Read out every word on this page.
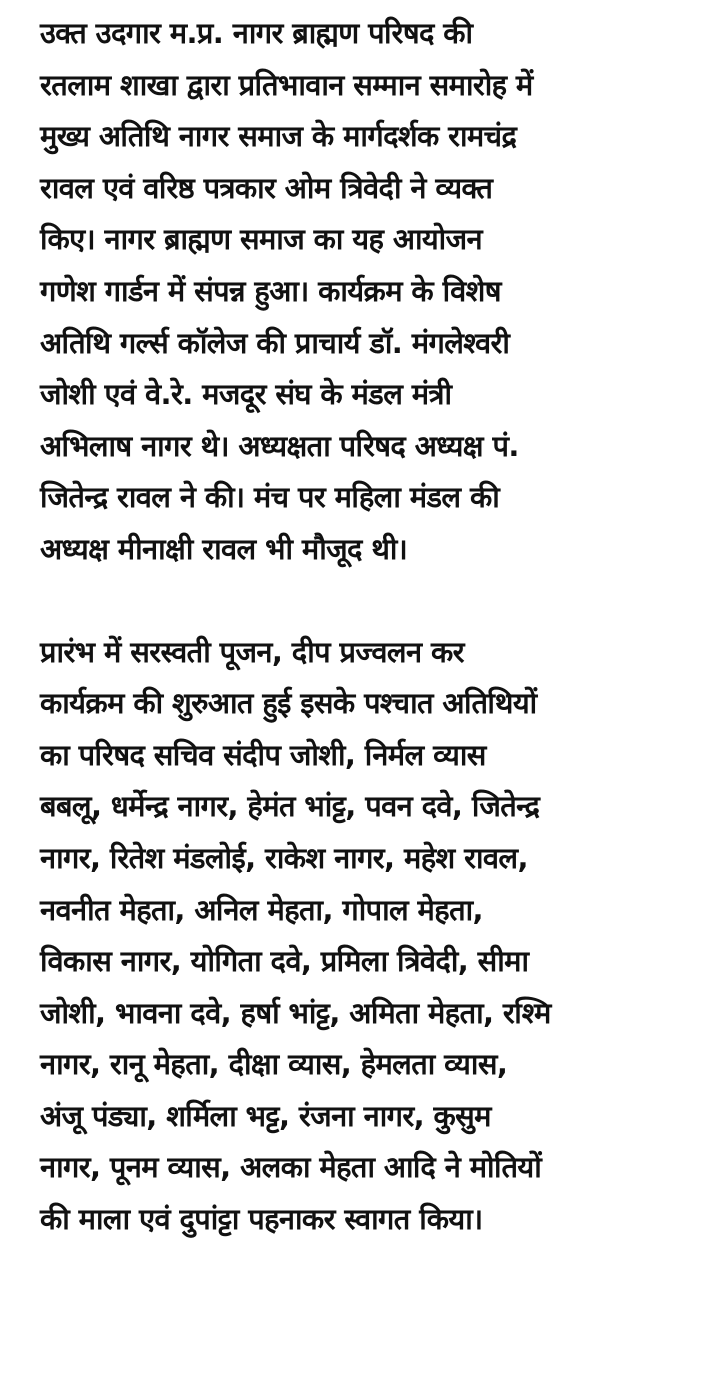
उक्त उदगार म.प्र. नागर ब्राह्मण परिषद की
रतलाम शाखा द्वारा प्रतिभावान सम्मान समारोह में
मुख्य अतिथि नागर समाज के मार्गदर्शक रामचंद्र
रावल एवं वरिष्ठ पत्रकार ओम त्रिवेदी ने व्यक्त
किए। नागर ब्राह्मण समाज का यह आयोजन
गणेश गार्डन में संपन्न हुआ। कार्यक्रम के विशेष
अतिथि गर्ल्स कॉलेज की प्राचार्य डॉ. मंगलेश्वरी
जोशी एवं वे.रे. मजदूर संघ के मंडल मंत्री
अभिलाष नागर थे। अध्यक्षता परिषद अध्यक्ष पं.
जितेन्द्र रावल ने की। मंच पर महिला मंडल की
अध्यक्ष मीनाक्षी रावल भी मौजूद थी।
प्रारंभ में सरस्वती पूजन, दीप प्रज्वलन कर
कार्यक्रम की शुरुआत हुई इसके पश्चात अतिथियों
का परिषद सचिव संदीप जोशी, निर्मल व्यास
बबलू, धर्मेन्द्र नागर, हेमंत भांट्ट, पवन दवे, जितेन्द्र
नागर, रितेश मंडलोई, राकेश नागर, महेश रावल,
नवनीत मेहता, अनिल मेहता, गोपाल मेहता,
विकास नागर, योगिता दवे, प्रमिला त्रिवेदी, सीमा
जोशी, भावना दवे, हर्षा भांट्ट, अमिता मेहता, रश्मि
नागर, रानू मेहता, दीक्षा व्यास, हेमलता व्यास,
अंजू पंड्या, शर्मिला भट्ट, रंजना नागर, कुसुम
नागर, पूनम व्यास, अलका मेहता आदि ने मोतियों
की माला एवं दुपांट्टा पहनाकर स्वागत किया।
